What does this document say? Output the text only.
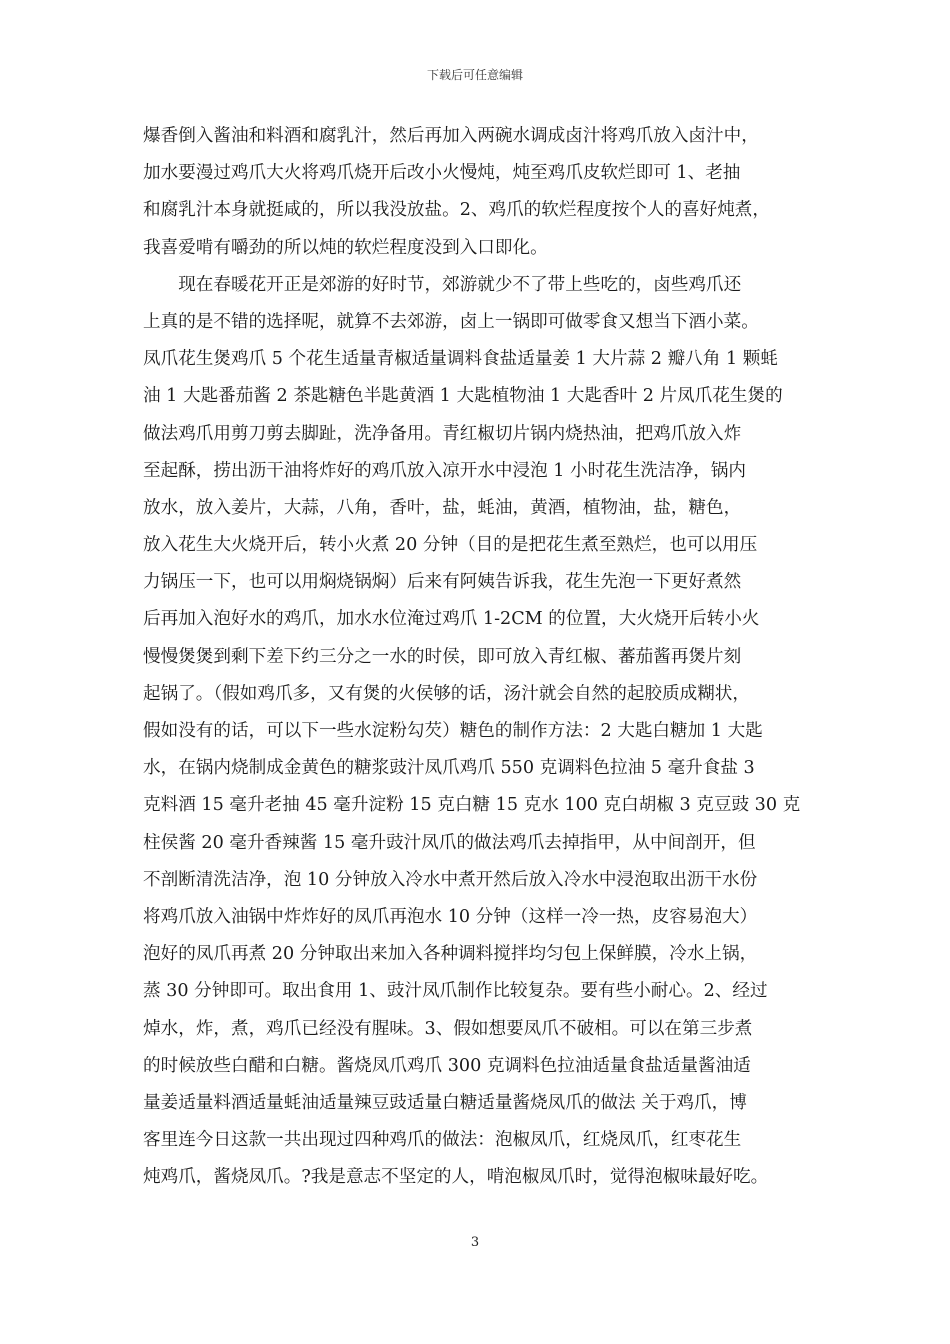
下载后可任意编辑
爆香倒入酱油和料酒和腐乳汁，然后再加入两碗水调成卤汁将鸡爪放入卤汁中，
加水要漫过鸡爪大火将鸡爪烧开后改小火慢炖，炖至鸡爪皮软烂即可 1、老抽
和腐乳汁本身就挺咸的，所以我没放盐。2、鸡爪的软烂程度按个人的喜好炖煮，
我喜爱啃有嚼劲的所以炖的软烂程度没到入口即化。
　　现在春暖花开正是郊游的好时节，郊游就少不了带上些吃的，卤些鸡爪还
上真的是不错的选择呢，就算不去郊游，卤上一锅即可做零食又想当下酒小菜。
凤爪花生煲鸡爪 5 个花生适量青椒适量调料食盐适量姜 1 大片蒜 2 瓣八角 1 颗蚝
油 1 大匙番茄酱 2 茶匙糖色半匙黄酒 1 大匙植物油 1 大匙香叶 2 片凤爪花生煲的
做法鸡爪用剪刀剪去脚趾，洗净备用。青红椒切片锅内烧热油，把鸡爪放入炸
至起酥，捞出沥干油将炸好的鸡爪放入凉开水中浸泡 1 小时花生洗洁净，锅内
放水，放入姜片，大蒜，八角，香叶，盐，蚝油，黄酒，植物油，盐，糖色，
放入花生大火烧开后，转小火煮 20 分钟（目的是把花生煮至熟烂，也可以用压
力锅压一下，也可以用焖烧锅焖）后来有阿姨告诉我，花生先泡一下更好煮然
后再加入泡好水的鸡爪，加水水位淹过鸡爪 1-2CM 的位置，大火烧开后转小火
慢慢煲煲到剩下差下约三分之一水的时侯，即可放入青红椒、蕃茄酱再煲片刻
起锅了。（假如鸡爪多，又有煲的火侯够的话，汤汁就会自然的起胶质成糊状，
假如没有的话，可以下一些水淀粉勾芡）糖色的制作方法：2 大匙白糖加 1 大匙
水，在锅内烧制成金黄色的糖浆豉汁凤爪鸡爪 550 克调料色拉油 5 毫升食盐 3
克料酒 15 毫升老抽 45 毫升淀粉 15 克白糖 15 克水 100 克白胡椒 3 克豆豉 30 克
柱侯酱 20 毫升香辣酱 15 毫升豉汁凤爪的做法鸡爪去掉指甲，从中间剖开，但
不剖断清洗洁净，泡 10 分钟放入冷水中煮开然后放入冷水中浸泡取出沥干水份
将鸡爪放入油锅中炸炸好的凤爪再泡水 10 分钟（这样一冷一热，皮容易泡大）
泡好的凤爪再煮 20 分钟取出来加入各种调料搅拌均匀包上保鲜膜，冷水上锅，
蒸 30 分钟即可。取出食用 1、豉汁凤爪制作比较复杂。要有些小耐心。2、经过
焯水，炸，煮，鸡爪已经没有腥味。3、假如想要凤爪不破相。可以在第三步煮
的时候放些白醋和白糖。酱烧凤爪鸡爪 300 克调料色拉油适量食盐适量酱油适
量姜适量料酒适量蚝油适量辣豆豉适量白糖适量酱烧凤爪的做法 关于鸡爪，博
客里连今日这款一共出现过四种鸡爪的做法：泡椒凤爪，红烧凤爪，红枣花生
炖鸡爪，酱烧凤爪。?我是意志不坚定的人，啃泡椒凤爪时，觉得泡椒味最好吃。
3
